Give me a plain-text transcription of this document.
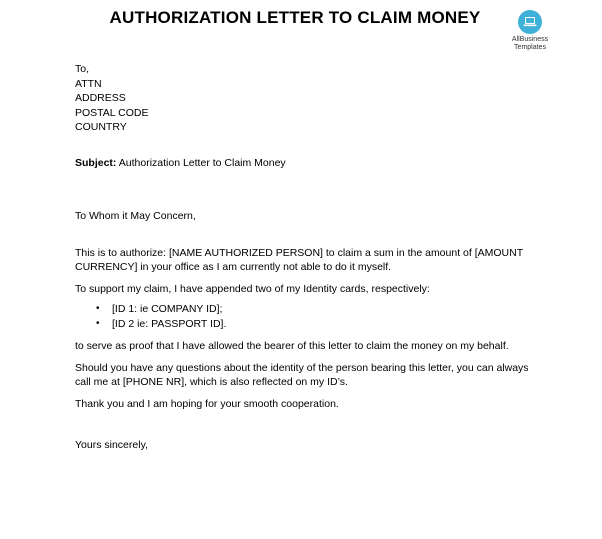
AUTHORIZATION LETTER TO CLAIM MONEY
AllBusiness
Templates
To,
ATTN
ADDRESS
POSTAL CODE
COUNTRY

Subject: Authorization Letter to Claim Money

To Whom it May Concern,

This is to authorize: [NAME AUTHORIZED PERSON] to claim a sum in the amount of [AMOUNT
CURRENCY] in your office as I am currently not able to do it myself.

To support my claim, I have appended two of my Identity cards, respectively:

• [ID 1: ie COMPANY ID];
• [ID 2 ie: PASSPORT ID].

to serve as proof that I have allowed the bearer of this letter to claim the money on my behalf.

Should you have any questions about the identity of the person bearing this letter, you can always
call me at [PHONE NR], which is also reflected on my ID’s.

Thank you and I am hoping for your smooth cooperation.

Yours sincerely,
